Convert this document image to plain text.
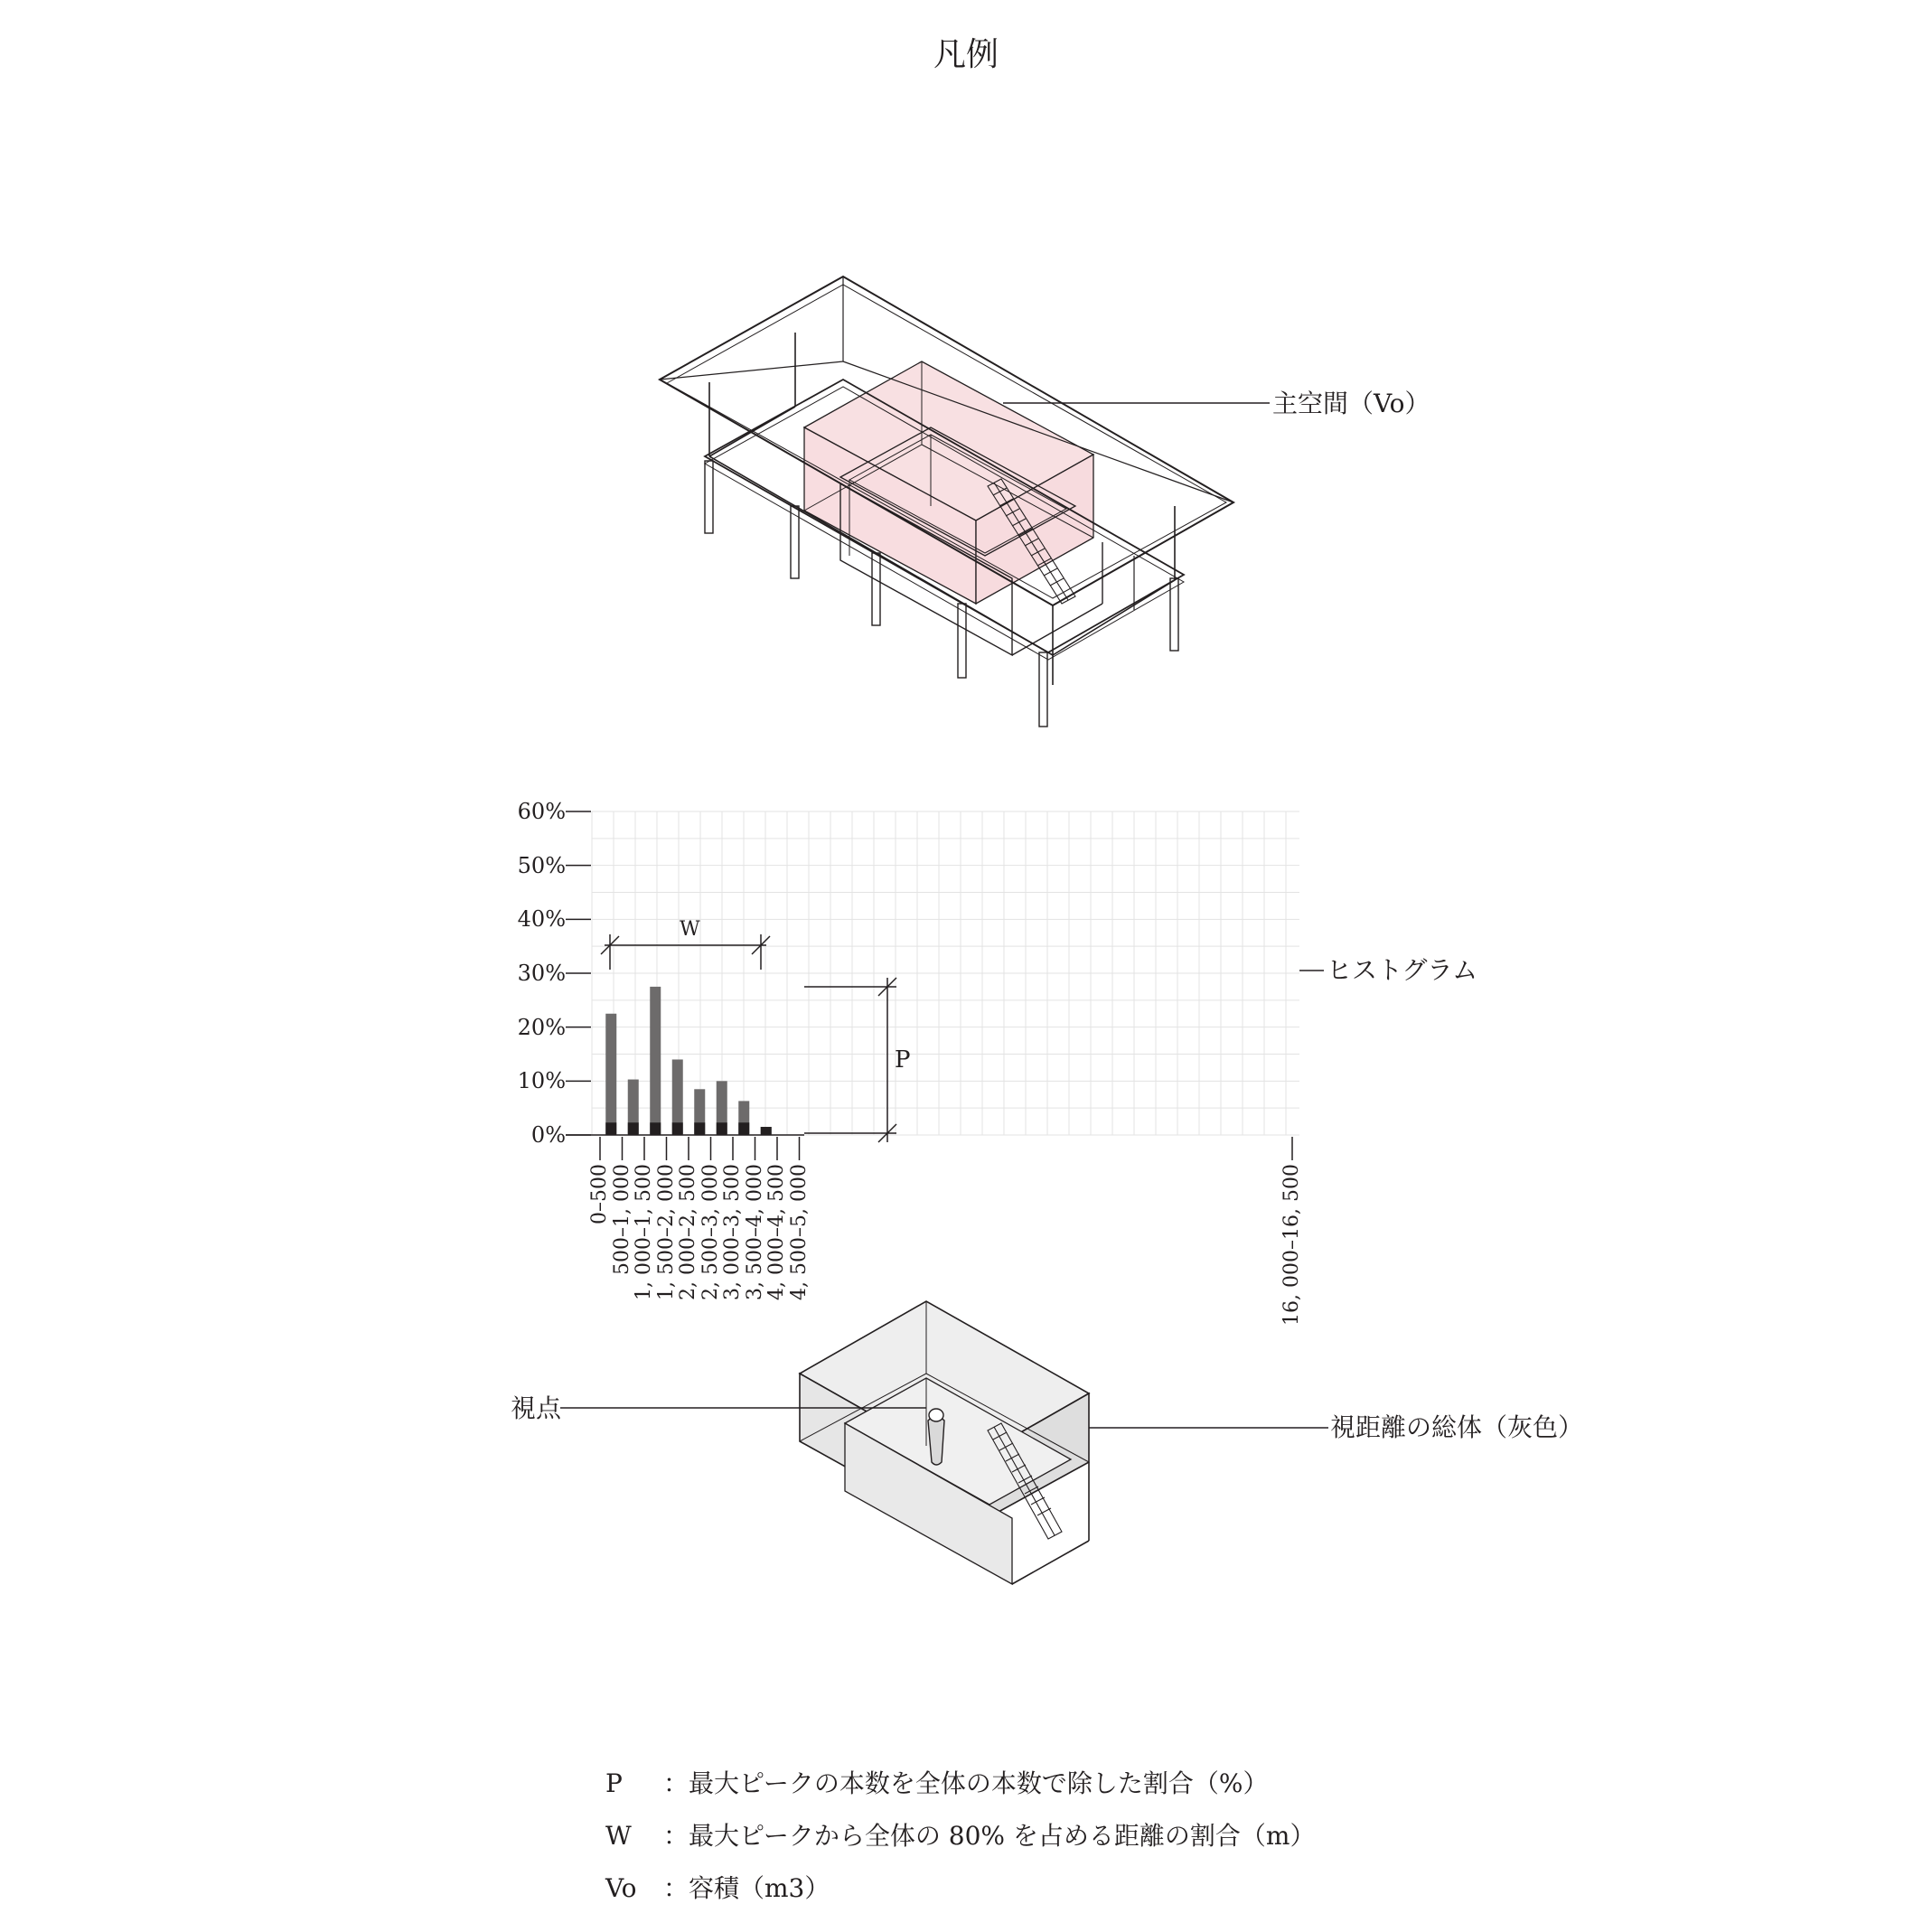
凡例
主空間（Vo）
ヒストグラム
視点
視距離の総体（灰色）
W
P
0%
10%
20%
30%
40%
50%
60%
0–500 500–1, 000 1, 000–1, 500 1, 500–2, 000 2, 000–2, 500 2, 500–3, 000 3, 000–3, 500 3, 500–4, 000 4, 000–4, 500 4, 500–5, 000	16, 000–16, 500
P ：最大ピークの本数を全体の本数で除した割合（%）
W ：最大ピークから全体の 80% を占める距離の割合（m）
Vo ：容積（m3）
